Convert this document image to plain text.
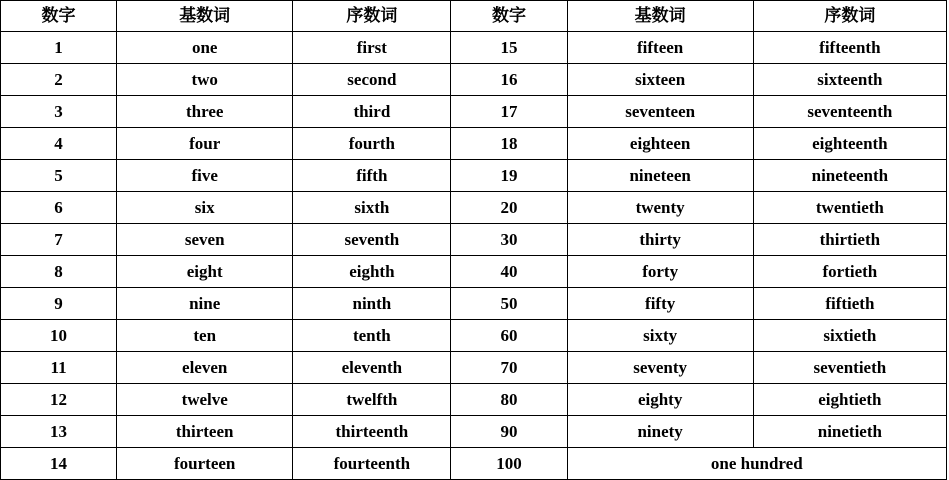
数字	基数词	序数词	数字	基数词	序数词
1	one	first	15	fifteen	fifteenth
2	two	second	16	sixteen	sixteenth
3	three	third	17	seventeen	seventeenth
4	four	fourth	18	eighteen	eighteenth
5	five	fifth	19	nineteen	nineteenth
6	six	sixth	20	twenty	twentieth
7	seven	seventh	30	thirty	thirtieth
8	eight	eighth	40	forty	fortieth
9	nine	ninth	50	fifty	fiftieth
10	ten	tenth	60	sixty	sixtieth
11	eleven	eleventh	70	seventy	seventieth
12	twelve	twelfth	80	eighty	eightieth
13	thirteen	thirteenth	90	ninety	ninetieth
14	fourteen	fourteenth	100	one hundred	
